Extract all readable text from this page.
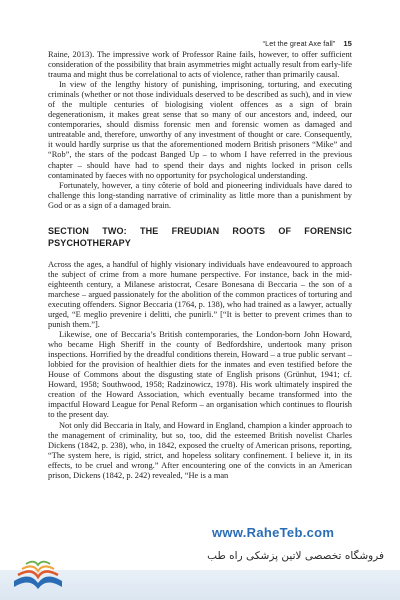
“Let the great Axe fall” 15

Raine, 2013). The impressive work of Professor Raine fails, however, to offer sufficient consideration of the possibility that brain asymmetries might actually result from early-life trauma and might thus be correlational to acts of violence, rather than primarily causal.

In view of the lengthy history of punishing, imprisoning, torturing, and executing criminals (whether or not those individuals deserved to be described as such), and in view of the multiple centuries of biologising violent offences as a sign of brain degenerationism, it makes great sense that so many of our ancestors and, indeed, our contemporaries, should dismiss forensic men and forensic women as damaged and untreatable and, therefore, unworthy of any investment of thought or care. Consequently, it would hardly surprise us that the aforementioned modern British prisoners “Mike” and “Rob”, the stars of the podcast Banged Up – to whom I have referred in the previous chapter – should have had to spend their days and nights locked in prison cells contaminated by faeces with no opportunity for psychological understanding.

Fortunately, however, a tiny côterie of bold and pioneering individuals have dared to challenge this long-standing narrative of criminality as little more than a punishment by God or as a sign of a damaged brain.

SECTION TWO: THE FREUDIAN ROOTS OF FORENSIC PSYCHOTHERAPY

Across the ages, a handful of highly visionary individuals have endeavoured to approach the subject of crime from a more humane perspective. For instance, back in the mid-eighteenth century, a Milanese aristocrat, Cesare Bonesana di Beccaria – the son of a marchese – argued passionately for the abolition of the common practices of torturing and executing offenders. Signor Beccaria (1764, p. 138), who had trained as a lawyer, actually urged, “E meglio prevenire i delitti, che punirli.” [“It is better to prevent crimes than to punish them.”].

Likewise, one of Beccaria’s British contemporaries, the London-born John Howard, who became High Sheriff in the county of Bedfordshire, undertook many prison inspections. Horrified by the dreadful conditions therein, Howard – a true public servant – lobbied for the provision of healthier diets for the inmates and even testified before the House of Commons about the disgusting state of English prisons (Grünhut, 1941; cf. Howard, 1958; Southwood, 1958; Radzinowicz, 1978). His work ultimately inspired the creation of the Howard Association, which eventually became transformed into the impactful Howard League for Penal Reform – an organisation which continues to flourish to the present day.

Not only did Beccaria in Italy, and Howard in England, champion a kinder approach to the management of criminality, but so, too, did the esteemed British novelist Charles Dickens (1842, p. 238), who, in 1842, exposed the cruelty of American prisons, reporting, “The system here, is rigid, strict, and hopeless solitary confinement. I believe it, in its effects, to be cruel and wrong.” After encountering one of the convicts in an American prison, Dickens (1842, p. 242) revealed, “He is a man

www.RaheTeb.com
فروشگاه تخصصی لاتین پزشکی راه طب
